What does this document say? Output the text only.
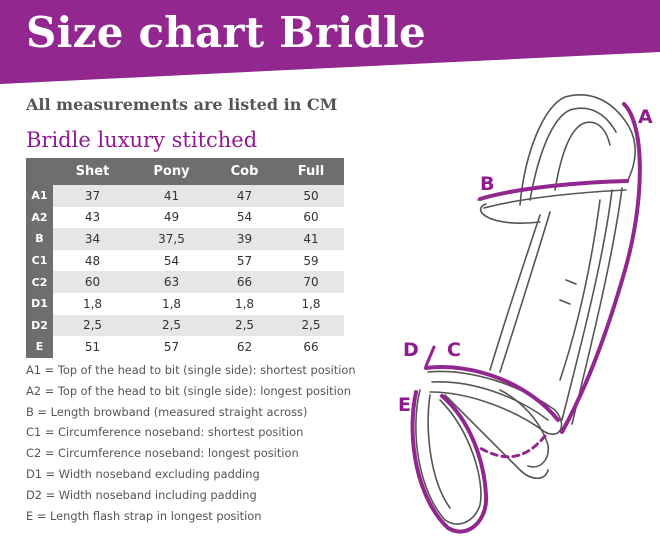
Size chart Bridle
All measurements are listed in CM
Bridle luxury stitched
	Shet	Pony	Cob	Full
A1	37	41	47	50
A2	43	49	54	60
B	34	37,5	39	41
C1	48	54	57	59
C2	60	63	66	70
D1	1,8	1,8	1,8	1,8
D2	2,5	2,5	2,5	2,5
E	51	57	62	66
A1 = Top of the head to bit (single side): shortest position
A2 = Top of the head to bit (single side): longest position
B = Length browband (measured straight across)
C1 = Circumference noseband: shortest position
C2 = Circumference noseband: longest position
D1 = Width noseband excluding padding
D2 = Width noseband including padding
E = Length flash strap in longest position
A
B
C
D
E
